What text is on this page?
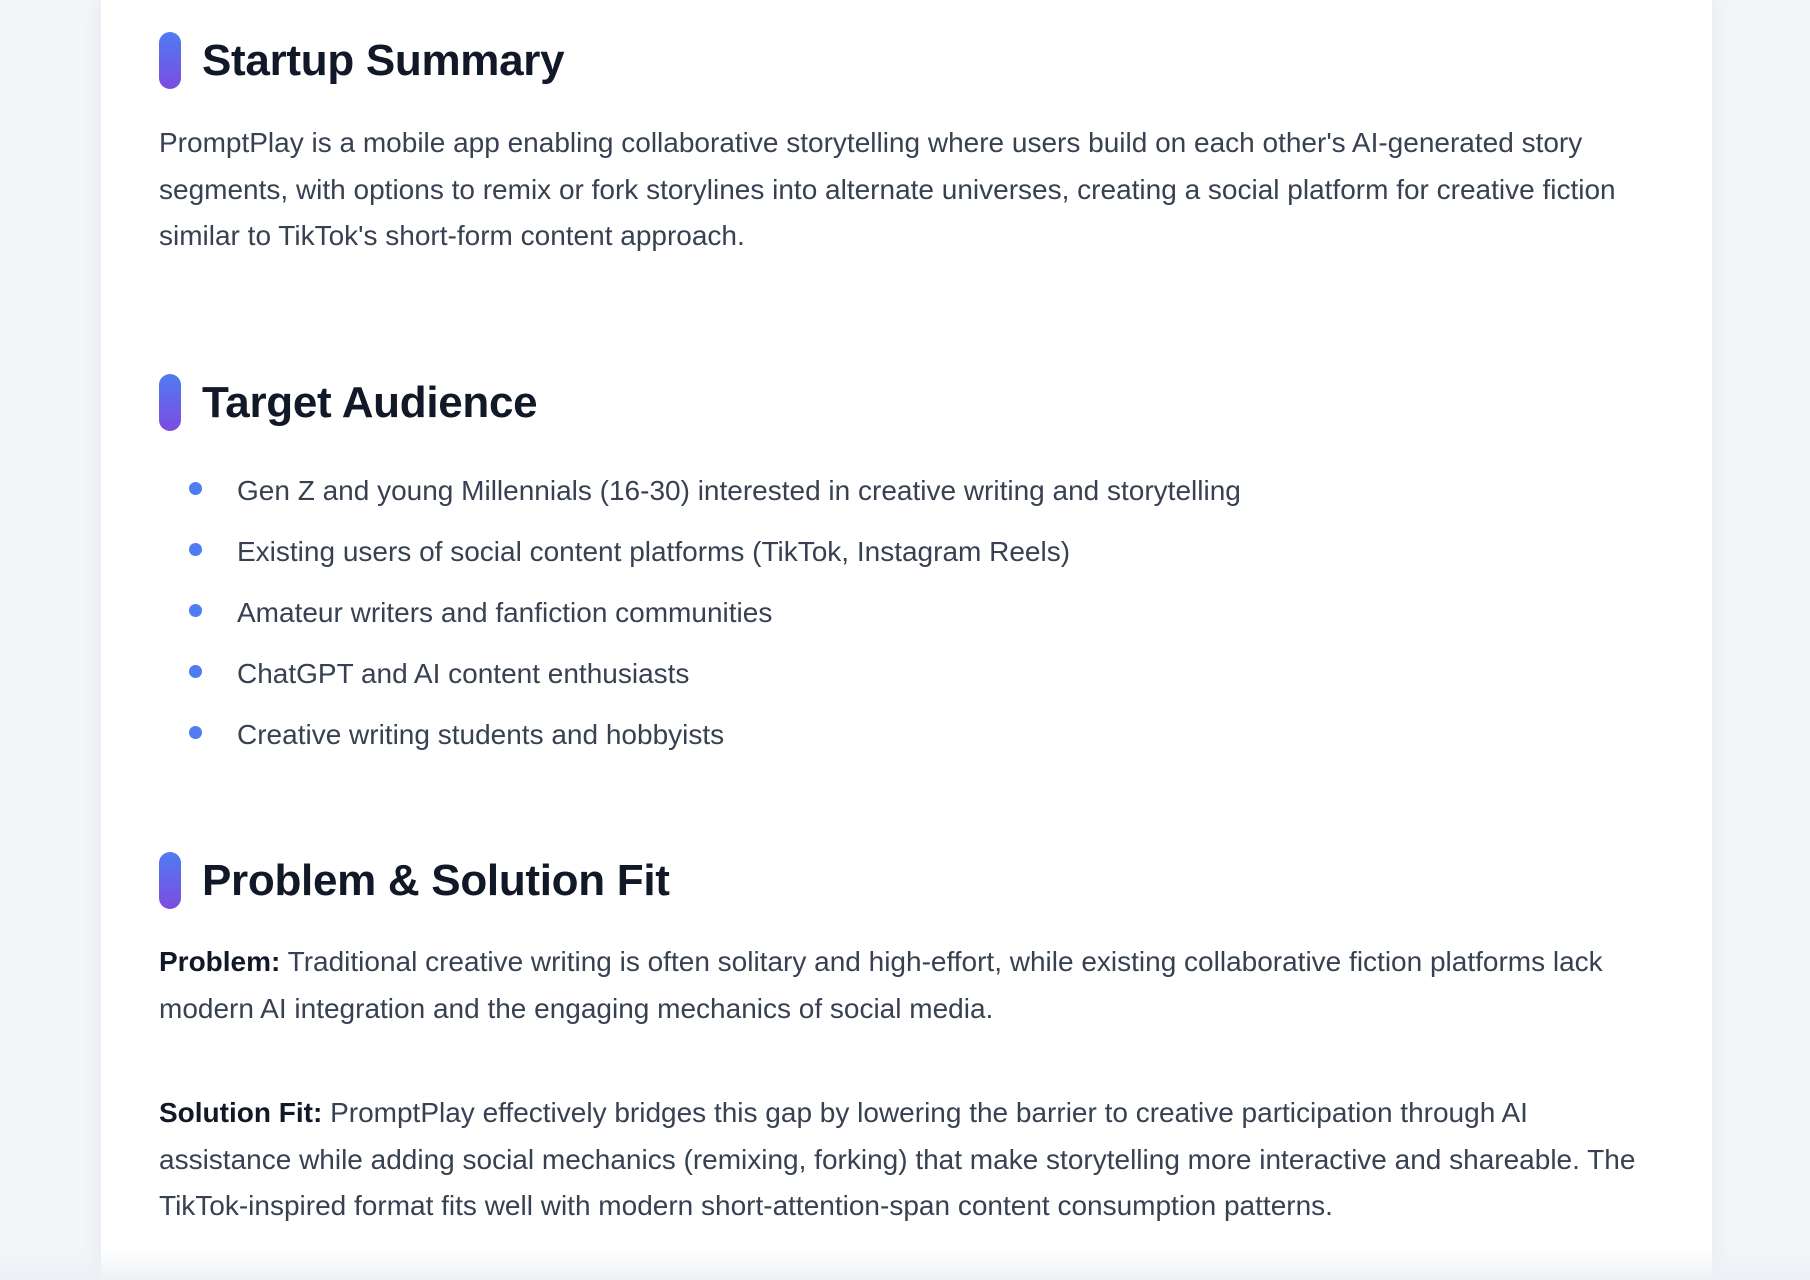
Startup Summary

PromptPlay is a mobile app enabling collaborative storytelling where users build on each other's AI-generated story segments, with options to remix or fork storylines into alternate universes, creating a social platform for creative fiction similar to TikTok's short-form content approach.

Target Audience
Gen Z and young Millennials (16-30) interested in creative writing and storytelling
Existing users of social content platforms (TikTok, Instagram Reels)
Amateur writers and fanfiction communities
ChatGPT and AI content enthusiasts
Creative writing students and hobbyists
Problem & Solution Fit

Problem: Traditional creative writing is often solitary and high-effort, while existing collaborative fiction platforms lack modern AI integration and the engaging mechanics of social media.

Solution Fit: PromptPlay effectively bridges this gap by lowering the barrier to creative participation through AI assistance while adding social mechanics (remixing, forking) that make storytelling more interactive and shareable. The TikTok-inspired format fits well with modern short-attention-span content consumption patterns.
